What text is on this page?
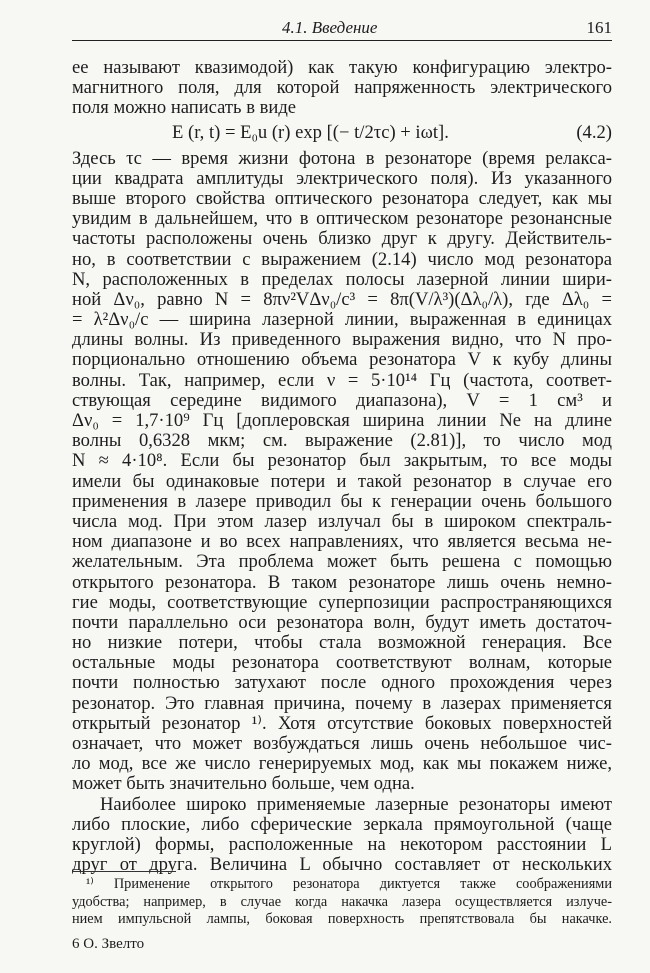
4.1. Введение	161
ее называют квазимодой) как такую конфигурацию электро-
магнитного поля, для которой напряженность электрического
поля можно написать в виде
E (r, t) = E₀u (r) exp [(− t/2τc) + iωt].	(4.2)
Здесь τc — время жизни фотона в резонаторе (время релакса-
ции квадрата амплитуды электрического поля). Из указанного
выше второго свойства оптического резонатора следует, как мы
увидим в дальнейшем, что в оптическом резонаторе резонансные
частоты расположены очень близко друг к другу. Действитель-
но, в соответствии с выражением (2.14) число мод резонатора
N, расположенных в пределах полосы лазерной линии шири-
ной Δν₀, равно N = 8πν²VΔν₀/c³ = 8π(V/λ³)(Δλ₀/λ), где Δλ₀ =
= λ²Δν₀/c — ширина лазерной линии, выраженная в единицах
длины волны. Из приведенного выражения видно, что N про-
порционально отношению объема резонатора V к кубу длины
волны. Так, например, если ν = 5·10¹⁴ Гц (частота, соответ-
ствующая середине видимого диапазона), V = 1 см³ и
Δν₀ = 1,7·10⁹ Гц [доплеровская ширина линии Ne на длине
волны 0,6328 мкм; см. выражение (2.81)], то число мод
N ≈ 4·10⁸. Если бы резонатор был закрытым, то все моды
имели бы одинаковые потери и такой резонатор в случае его
применения в лазере приводил бы к генерации очень большого
числа мод. При этом лазер излучал бы в широком спектраль-
ном диапазоне и во всех направлениях, что является весьма не-
желательным. Эта проблема может быть решена с помощью
открытого резонатора. В таком резонаторе лишь очень немно-
гие моды, соответствующие суперпозиции распространяющихся
почти параллельно оси резонатора волн, будут иметь достаточ-
но низкие потери, чтобы стала возможной генерация. Все
остальные моды резонатора соответствуют волнам, которые
почти полностью затухают после одного прохождения через
резонатор. Это главная причина, почему в лазерах применяется
открытый резонатор ¹⁾. Хотя отсутствие боковых поверхностей
означает, что может возбуждаться лишь очень небольшое чис-
ло мод, все же число генерируемых мод, как мы покажем ниже,
может быть значительно больше, чем одна.
Наиболее широко применяемые лазерные резонаторы имеют
либо плоские, либо сферические зеркала прямоугольной (чаще
круглой) формы, расположенные на некотором расстоянии L
друг от друга. Величина L обычно составляет от нескольких
¹⁾ Применение открытого резонатора диктуется также соображениями
удобства; например, в случае когда накачка лазера осуществляется излуче-
нием импульсной лампы, боковая поверхность препятствовала бы накачке.
6 О. Звелто
